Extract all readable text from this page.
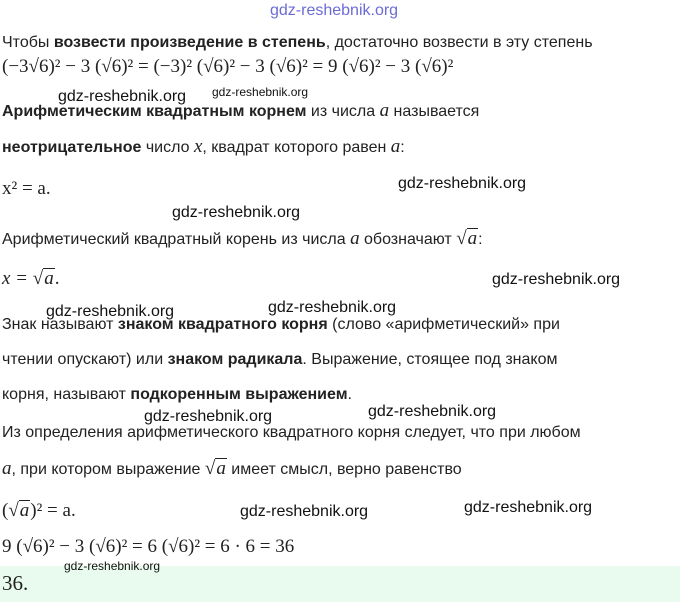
gdz-reshebnik.org
Чтобы возвести произведение в степень, достаточно возвести в эту степень
(−3√6)² − 3 (√6)² = (−3)² (√6)² − 3 (√6)² = 9 (√6)² − 3 (√6)²
Арифметическим квадратным корнем из числа a называется
неотрицательное число x, квадрат которого равен a:
x² = a.
Арифметический квадратный корень из числа a обозначают √a:
x = √a.
Знак называют знаком квадратного корня (слово «арифметический» при
чтении опускают) или знаком радикала. Выражение, стоящее под знаком
корня, называют подкоренным выражением.
Из определения арифметического квадратного корня следует, что при любом
a, при котором выражение √a имеет смысл, верно равенство
(√a)² = a.
9 (√6)² − 3 (√6)² = 6 (√6)² = 6 · 6 = 36
36.
gdz-reshebnik.org gdz-reshebnik.org
gdz-reshebnik.org
gdz-reshebnik.org
gdz-reshebnik.org
gdz-reshebnik.org	gdz-reshebnik.org
gdz-reshebnik.org	gdz-reshebnik.org
gdz-reshebnik.org	gdz-reshebnik.org
gdz-reshebnik.org
